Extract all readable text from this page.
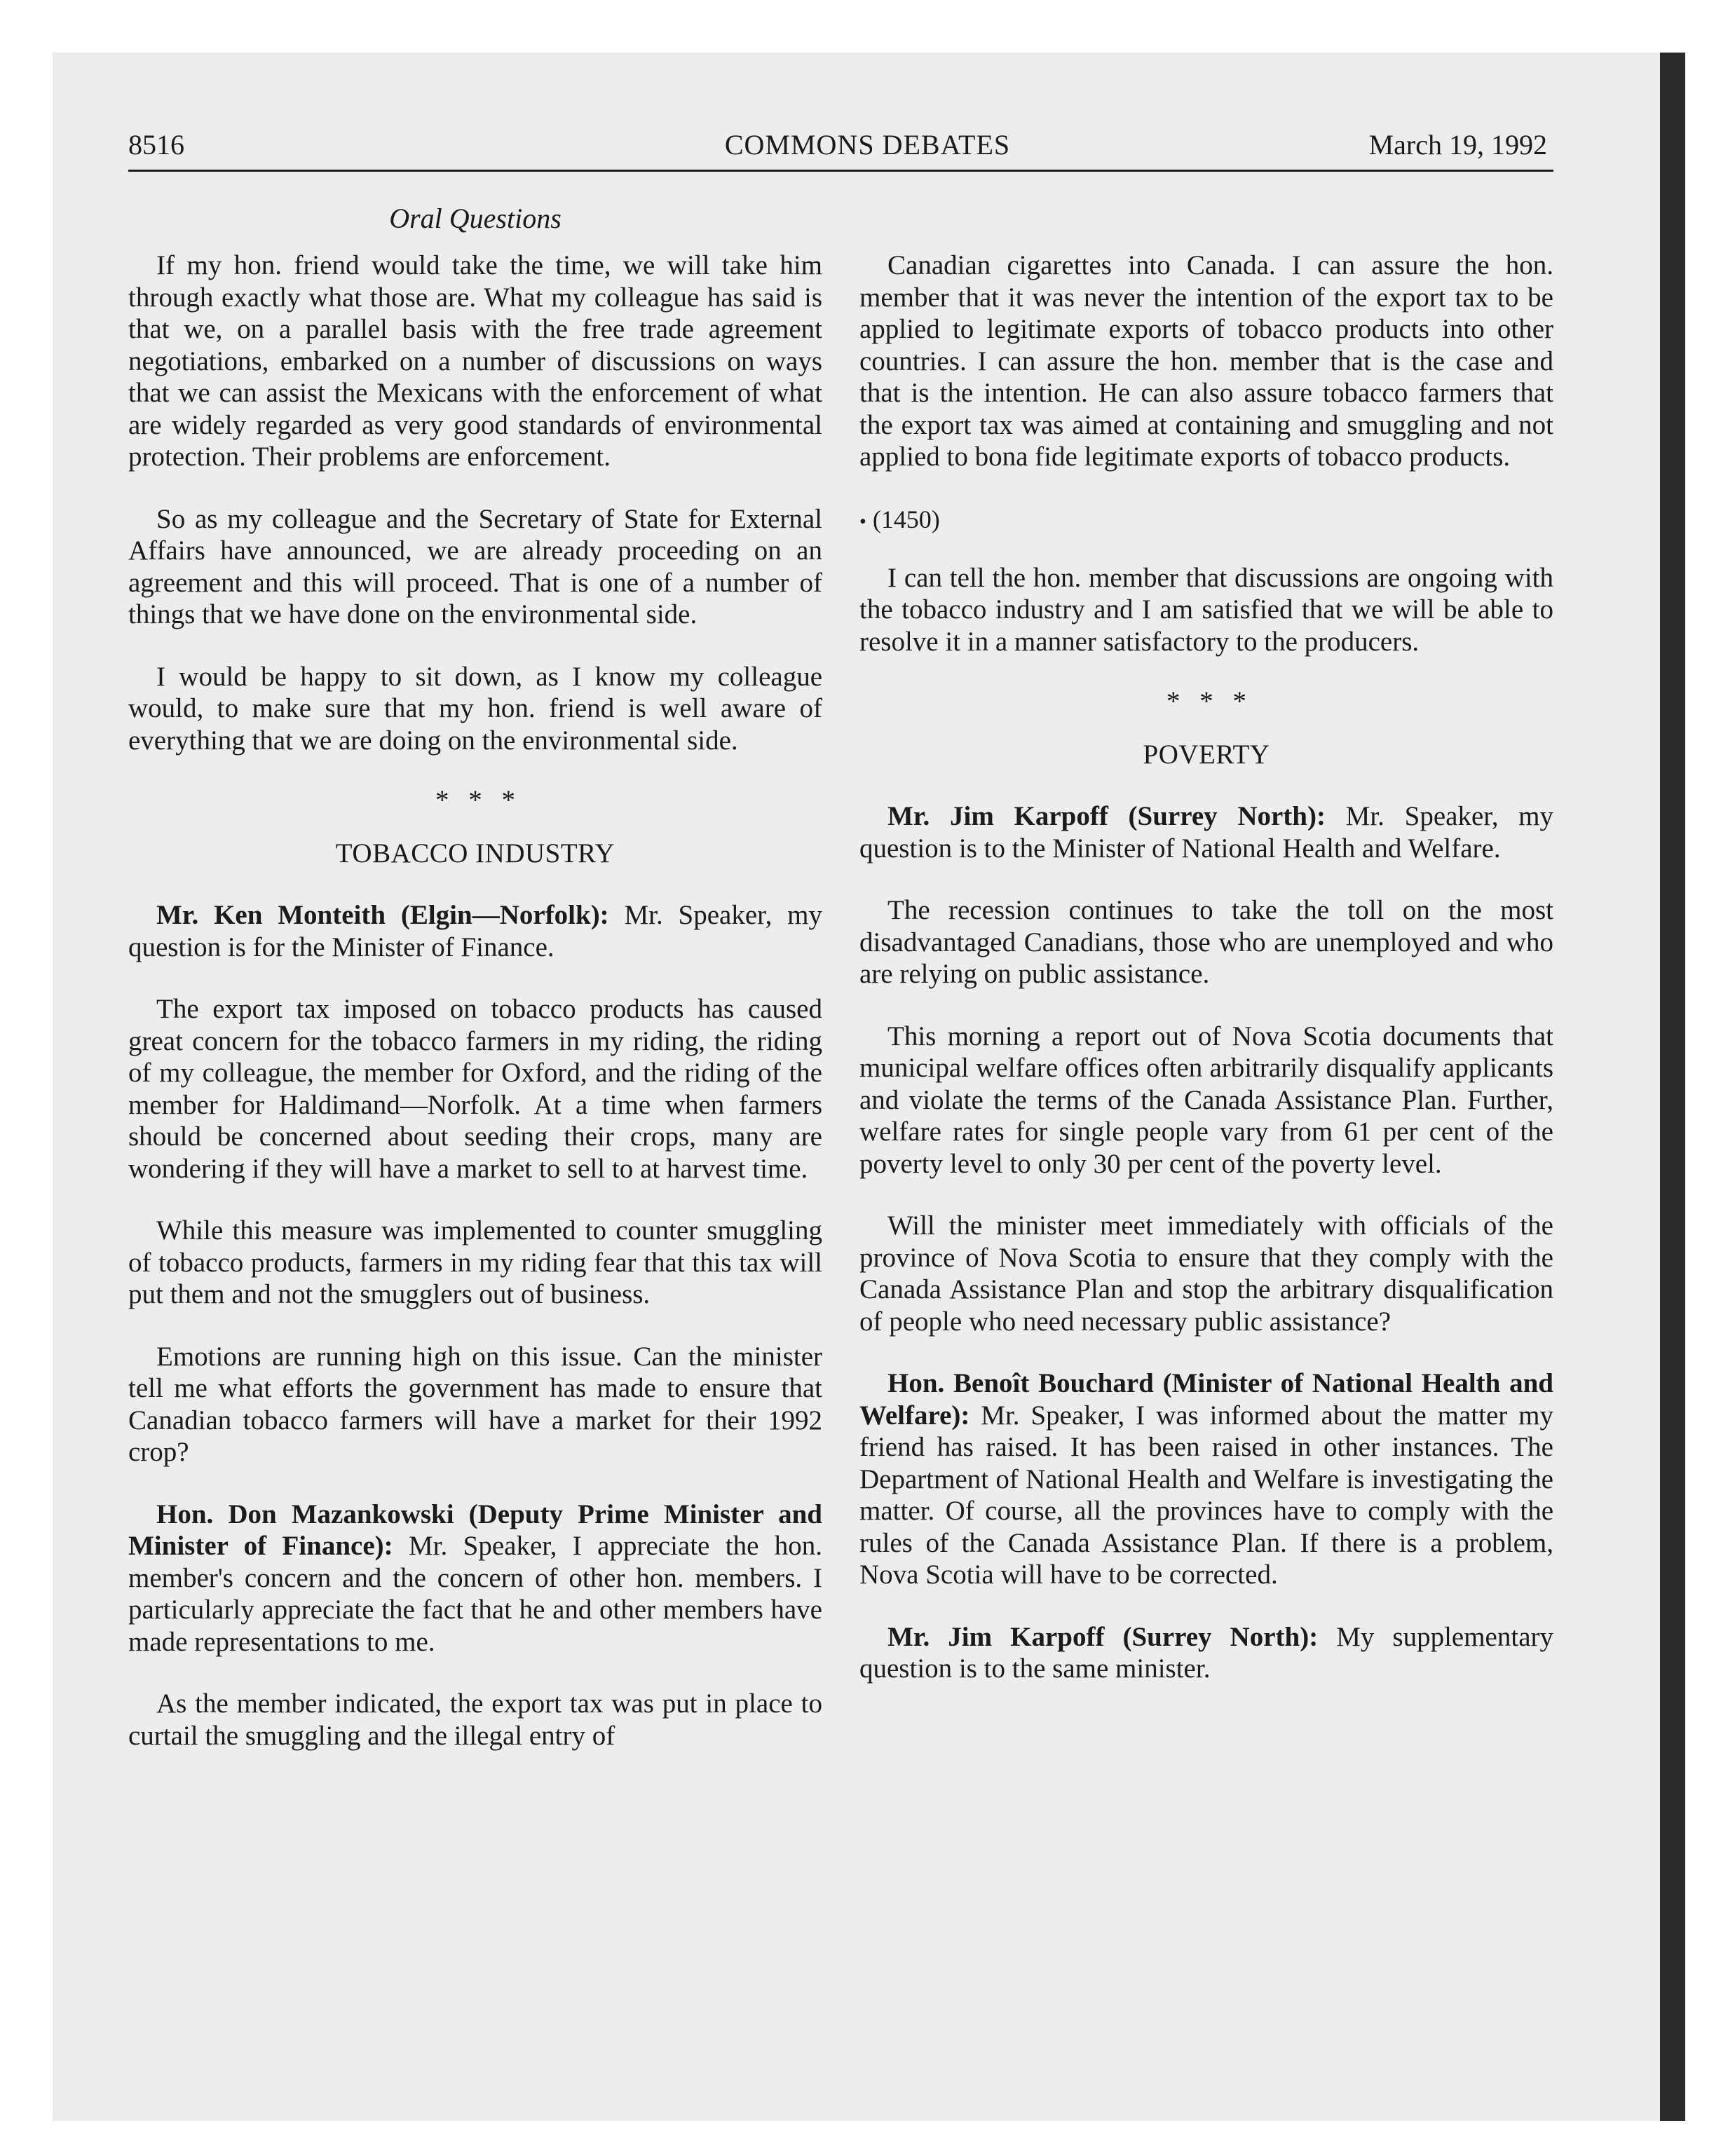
8516	COMMONS DEBATES	March 19, 1992
Oral Questions

If my hon. friend would take the time, we will take him through exactly what those are. What my colleague has said is that we, on a parallel basis with the free trade agreement negotiations, embarked on a number of discussions on ways that we can assist the Mexicans with the enforcement of what are widely regarded as very good standards of environmental protection. Their problems are enforcement.

So as my colleague and the Secretary of State for External Affairs have announced, we are already proceeding on an agreement and this will proceed. That is one of a number of things that we have done on the environmental side.

I would be happy to sit down, as I know my colleague would, to make sure that my hon. friend is well aware of everything that we are doing on the environmental side.

* * *
TOBACCO INDUSTRY

Mr. Ken Monteith (Elgin—Norfolk): Mr. Speaker, my question is for the Minister of Finance.

The export tax imposed on tobacco products has caused great concern for the tobacco farmers in my riding, the riding of my colleague, the member for Oxford, and the riding of the member for Haldimand—Norfolk. At a time when farmers should be concerned about seeding their crops, many are wondering if they will have a market to sell to at harvest time.

While this measure was implemented to counter smuggling of tobacco products, farmers in my riding fear that this tax will put them and not the smugglers out of business.

Emotions are running high on this issue. Can the minister tell me what efforts the government has made to ensure that Canadian tobacco farmers will have a market for their 1992 crop?

Hon. Don Mazankowski (Deputy Prime Minister and Minister of Finance): Mr. Speaker, I appreciate the hon. member's concern and the concern of other hon. members. I particularly appreciate the fact that he and other members have made representations to me.

As the member indicated, the export tax was put in place to curtail the smuggling and the illegal entry of

Canadian cigarettes into Canada. I can assure the hon. member that it was never the intention of the export tax to be applied to legitimate exports of tobacco products into other countries. I can assure the hon. member that is the case and that is the intention. He can also assure tobacco farmers that the export tax was aimed at containing and smuggling and not applied to bona fide legitimate exports of tobacco products.

• (1450)

I can tell the hon. member that discussions are ongoing with the tobacco industry and I am satisfied that we will be able to resolve it in a manner satisfactory to the producers.

* * *
POVERTY

Mr. Jim Karpoff (Surrey North): Mr. Speaker, my question is to the Minister of National Health and Welfare.

The recession continues to take the toll on the most disadvantaged Canadians, those who are unemployed and who are relying on public assistance.

This morning a report out of Nova Scotia documents that municipal welfare offices often arbitrarily disqualify applicants and violate the terms of the Canada Assistance Plan. Further, welfare rates for single people vary from 61 per cent of the poverty level to only 30 per cent of the poverty level.

Will the minister meet immediately with officials of the province of Nova Scotia to ensure that they comply with the Canada Assistance Plan and stop the arbitrary disqualification of people who need necessary public assistance?

Hon. Benoît Bouchard (Minister of National Health and Welfare): Mr. Speaker, I was informed about the matter my friend has raised. It has been raised in other instances. The Department of National Health and Welfare is investigating the matter. Of course, all the provinces have to comply with the rules of the Canada Assistance Plan. If there is a problem, Nova Scotia will have to be corrected.

Mr. Jim Karpoff (Surrey North): My supplementary question is to the same minister.
